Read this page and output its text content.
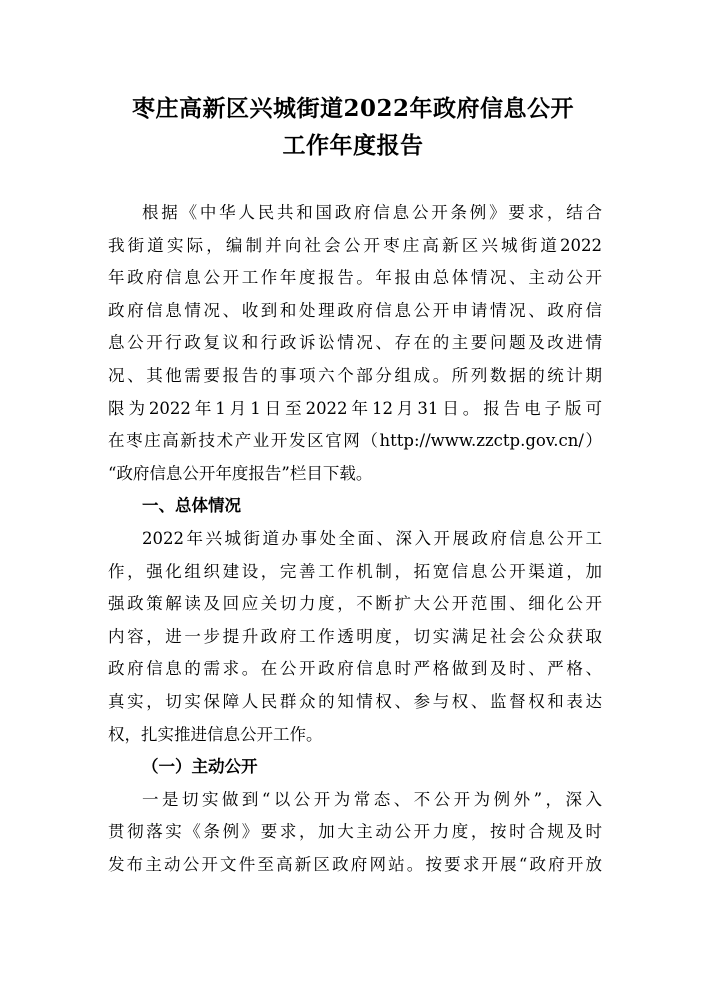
枣庄高新区兴城街道2022年政府信息公开
工作年度报告
根据《中华人民共和国政府信息公开条例》要求，结合
我街道实际，编制并向社会公开枣庄高新区兴城街道2022
年政府信息公开工作年度报告。年报由总体情况、主动公开
政府信息情况、收到和处理政府信息公开申请情况、政府信
息公开行政复议和行政诉讼情况、存在的主要问题及改进情
况、其他需要报告的事项六个部分组成。所列数据的统计期
限为2022年1月1日至2022年12月31日。报告电子版可
在枣庄高新技术产业开发区官网（http://www.zzctp.gov.cn/）
“政府信息公开年度报告”栏目下载。
一、总体情况
2022年兴城街道办事处全面、深入开展政府信息公开工
作，强化组织建设，完善工作机制，拓宽信息公开渠道，加
强政策解读及回应关切力度，不断扩大公开范围、细化公开
内容，进一步提升政府工作透明度，切实满足社会公众获取
政府信息的需求。在公开政府信息时严格做到及时、严格、
真实，切实保障人民群众的知情权、参与权、监督权和表达
权，扎实推进信息公开工作。
（一）主动公开
一是切实做到“以公开为常态、不公开为例外”，深入
贯彻落实《条例》要求，加大主动公开力度，按时合规及时
发布主动公开文件至高新区政府网站。按要求开展“政府开放
